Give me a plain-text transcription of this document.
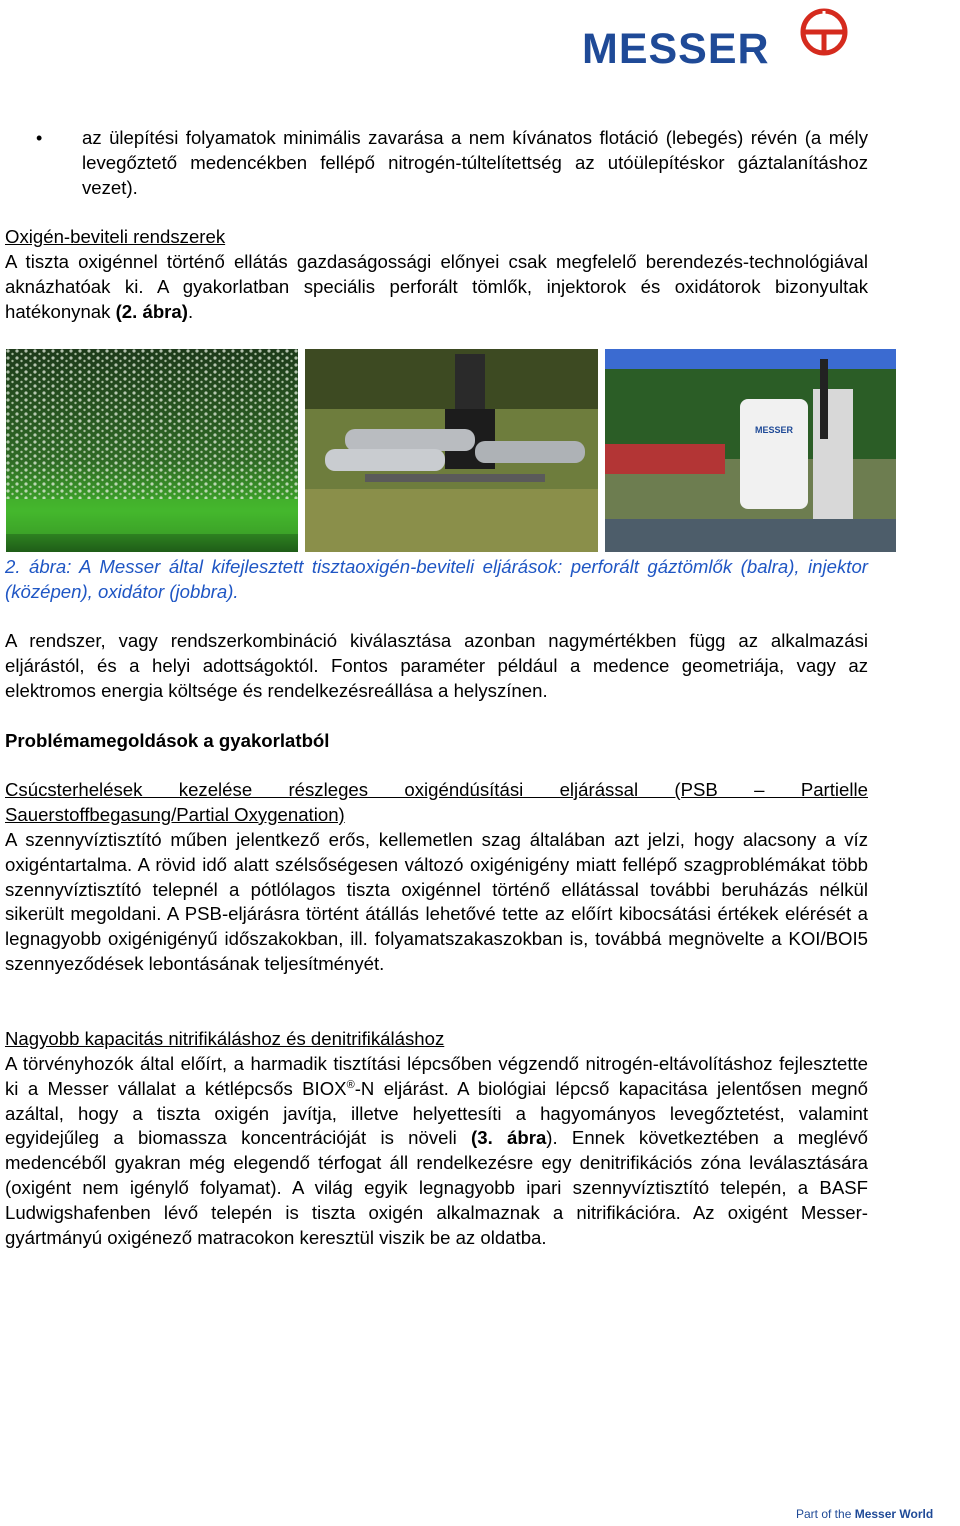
MESSER
• az ülepítési folyamatok minimális zavarása a nem kívánatos flotáció (lebegés) révén (a mély levegőztető medencékben fellépő nitrogén-túltelítettség az utóülepítéskor gáztalanításhoz vezet).

Oxigén-beviteli rendszerek

A tiszta oxigénnel történő ellátás gazdaságossági előnyei csak megfelelő berendezés-technológiával aknázhatóak ki. A gyakorlatban speciális perforált tömlők, injektorok és oxidátorok bizonyultak hatékonynak (2. ábra).

MESSER

2. ábra: A Messer által kifejlesztett tisztaoxigén-beviteli eljárások: perforált gáztömlők (balra), injektor (középen), oxidátor (jobbra).

A rendszer, vagy rendszerkombináció kiválasztása azonban nagymértékben függ az alkalmazási eljárástól, és a helyi adottságoktól. Fontos paraméter például a medence geometriája, vagy az elektromos energia költsége és rendelkezésreállása a helyszínen.

Problémamegoldások a gyakorlatból

Csúcsterhelések kezelése részleges oxigéndúsítási eljárással (PSB – Partielle Sauerstoffbegasung/Partial Oxygenation)

A szennyvíztisztító műben jelentkező erős, kellemetlen szag általában azt jelzi, hogy alacsony a víz oxigéntartalma. A rövid idő alatt szélsőségesen változó oxigénigény miatt fellépő szagproblémákat több szennyvíztisztító telepnél a pótlólagos tiszta oxigénnel történő ellátással további beruházás nélkül sikerült megoldani. A PSB-eljárásra történt átállás lehetővé tette az előírt kibocsátási értékek elérését a legnagyobb oxigénigényű időszakokban, ill. folyamatszakaszokban is, továbbá megnövelte a KOI/BOI5 szennyeződések lebontásának teljesítményét.

Nagyobb kapacitás nitrifikáláshoz és denitrifikáláshoz

A törvényhozók által előírt, a harmadik tisztítási lépcsőben végzendő nitrogén-eltávolításhoz fejlesztette ki a Messer vállalat a kétlépcsős BIOX®-N eljárást. A biológiai lépcső kapacitása jelentősen megnő azáltal, hogy a tiszta oxigén javítja, illetve helyettesíti a hagyományos levegőztetést, valamint egyidejűleg a biomassza koncentrációját is növeli (3. ábra). Ennek következtében a meglévő medencéből gyakran még elegendő térfogat áll rendelkezésre egy denitrifikációs zóna leválasztására (oxigént nem igénylő folyamat). A világ egyik legnagyobb ipari szennyvíztisztító telepén, a BASF Ludwigshafenben lévő telepén is tiszta oxigén alkalmaznak a nitrifikációra. Az oxigént Messer-gyártmányú oxigénező matracokon keresztül viszik be az oldatba.

Part of the Messer World
